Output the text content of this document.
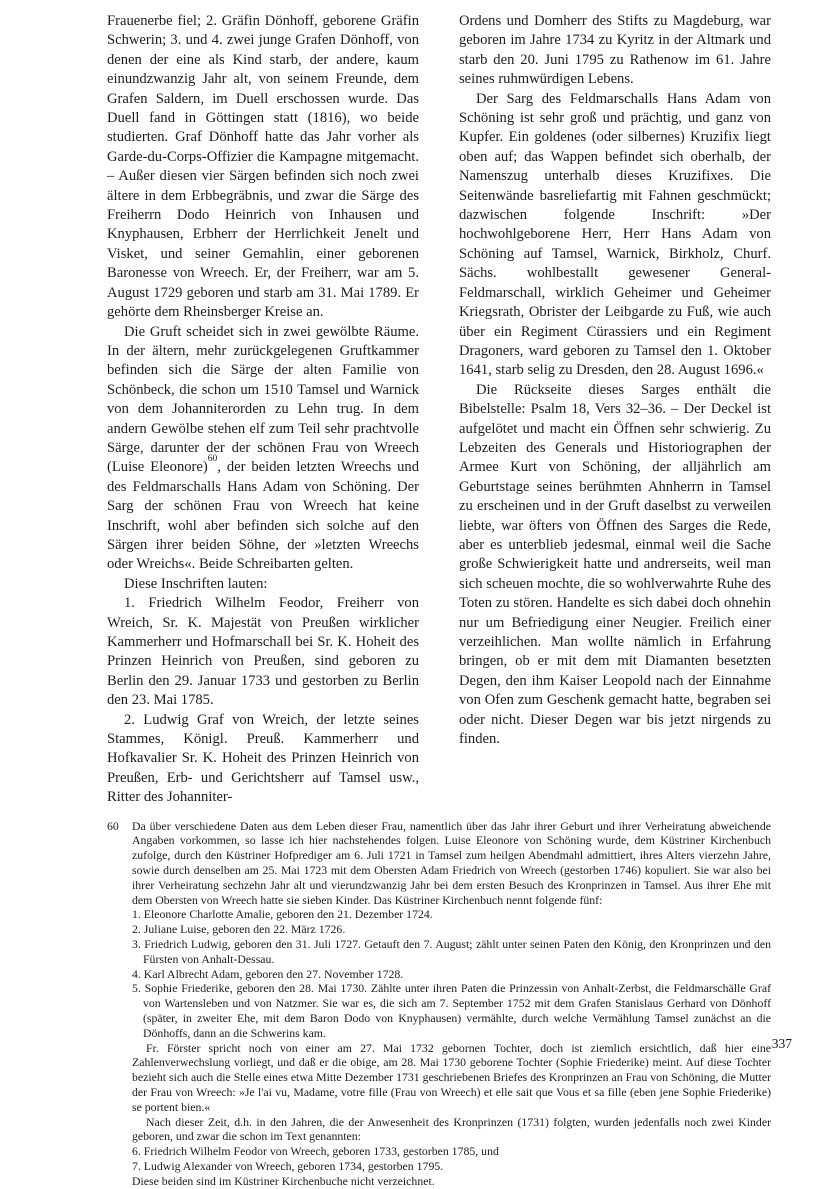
Frauenerbe fiel; 2. Gräfin Dönhoff, geborene Gräfin Schwerin; 3. und 4. zwei junge Grafen Dönhoff, von denen der eine als Kind starb, der andere, kaum einundzwanzig Jahr alt, von seinem Freunde, dem Grafen Saldern, im Duell erschossen wurde. Das Duell fand in Göttingen statt (1816), wo beide studierten. Graf Dönhoff hatte das Jahr vorher als Garde-du-Corps-Offizier die Kampagne mitgemacht. – Außer diesen vier Särgen befinden sich noch zwei ältere in dem Erbbegräbnis, und zwar die Särge des Freiherrn Dodo Heinrich von Inhausen und Knyphausen, Erbherr der Herrlichkeit Jenelt und Visket, und seiner Gemahlin, einer geborenen Baronesse von Wreech. Er, der Freiherr, war am 5. August 1729 geboren und starb am 31. Mai 1789. Er gehörte dem Rheinsberger Kreise an.

Die Gruft scheidet sich in zwei gewölbte Räume. In der ältern, mehr zurückgelegenen Gruftkammer befinden sich die Särge der alten Familie von Schönbeck, die schon um 1510 Tamsel und Warnick von dem Johanniterorden zu Lehn trug. In dem andern Gewölbe stehen elf zum Teil sehr prachtvolle Särge, darunter der der schönen Frau von Wreech (Luise Eleonore)$^{60}$, der beiden letzten Wreechs und des Feldmarschalls Hans Adam von Schöning. Der Sarg der schönen Frau von Wreech hat keine Inschrift, wohl aber befinden sich solche auf den Särgen ihrer beiden Söhne, der »letzten Wreechs oder Wreichs«. Beide Schreibarten gelten.

Diese Inschriften lauten:

1. Friedrich Wilhelm Feodor, Freiherr von Wreich, Sr. K. Majestät von Preußen wirklicher Kammerherr und Hofmarschall bei Sr. K. Hoheit des Prinzen Heinrich von Preußen, sind geboren zu Berlin den 29. Januar 1733 und gestorben zu Berlin den 23. Mai 1785.

2. Ludwig Graf von Wreich, der letzte seines Stammes, Königl. Preuß. Kammerherr und Hofkavalier Sr. K. Hoheit des Prinzen Heinrich von Preußen, Erb- und Gerichtsherr auf Tamsel usw., Ritter des Johanniter-

Ordens und Domherr des Stifts zu Magdeburg, war geboren im Jahre 1734 zu Kyritz in der Altmark und starb den 20. Juni 1795 zu Rathenow im 61. Jahre seines ruhmwürdigen Lebens.

Der Sarg des Feldmarschalls Hans Adam von Schöning ist sehr groß und prächtig, und ganz von Kupfer. Ein goldenes (oder silbernes) Kruzifix liegt oben auf; das Wappen befindet sich oberhalb, der Namenszug unterhalb dieses Kruzifixes. Die Seitenwände basreliefartig mit Fahnen geschmückt; dazwischen folgende Inschrift: »Der hochwohlgeborene Herr, Herr Hans Adam von Schöning auf Tamsel, Warnick, Birkholz, Churf. Sächs. wohlbestallt gewesener General-Feldmarschall, wirklich Geheimer und Geheimer Kriegsrath, Obrister der Leibgarde zu Fuß, wie auch über ein Regiment Cürassiers und ein Regiment Dragoners, ward geboren zu Tamsel den 1. Oktober 1641, starb selig zu Dresden, den 28. August 1696.«

Die Rückseite dieses Sarges enthält die Bibelstelle: Psalm 18, Vers 32–36. – Der Deckel ist aufgelötet und macht ein Öffnen sehr schwierig. Zu Lebzeiten des Generals und Historiographen der Armee Kurt von Schöning, der alljährlich am Geburtstage seines berühmten Ahnherrn in Tamsel zu erscheinen und in der Gruft daselbst zu verweilen liebte, war öfters von Öffnen des Sarges die Rede, aber es unterblieb jedesmal, einmal weil die Sache große Schwierigkeit hatte und andrerseits, weil man sich scheuen mochte, die so wohlverwahrte Ruhe des Toten zu stören. Handelte es sich dabei doch ohnehin nur um Befriedigung einer Neugier. Freilich einer verzeihlichen. Man wollte nämlich in Erfahrung bringen, ob er mit dem mit Diamanten besetzten Degen, den ihm Kaiser Leopold nach der Einnahme von Ofen zum Geschenk gemacht hatte, begraben sei oder nicht. Dieser Degen war bis jetzt nirgends zu finden.

60 Da über verschiedene Daten aus dem Leben dieser Frau, namentlich über das Jahr ihrer Geburt und ihrer Verheiratung abweichende Angaben vorkommen, so lasse ich hier nachstehendes folgen. Luise Eleonore von Schöning wurde, dem Küstriner Kirchenbuch zufolge, durch den Küstriner Hofprediger am 6. Juli 1721 in Tamsel zum heilgen Abendmahl admittiert, ihres Alters vierzehn Jahre, sowie durch denselben am 25. Mai 1723 mit dem Obersten Adam Friedrich von Wreech (gestorben 1746) kopuliert. Sie war also bei ihrer Verheiratung sechzehn Jahr alt und vierundzwanzig Jahr bei dem ersten Besuch des Kronprinzen in Tamsel. Aus ihrer Ehe mit dem Obersten von Wreech hatte sie sieben Kinder. Das Küstriner Kirchenbuch nennt folgende fünf:

1. Eleonore Charlotte Amalie, geboren den 21. Dezember 1724.
2. Juliane Luise, geboren den 22. März 1726.
3. Friedrich Ludwig, geboren den 31. Juli 1727. Getauft den 7. August; zählt unter seinen Paten den König, den Kronprinzen und den Fürsten von Anhalt-Dessau.
4. Karl Albrecht Adam, geboren den 27. November 1728.
5. Sophie Friederike, geboren den 28. Mai 1730. Zählte unter ihren Paten die Prinzessin von Anhalt-Zerbst, die Feldmarschälle Graf von Wartensleben und von Natzmer. Sie war es, die sich am 7. September 1752 mit dem Grafen Stanislaus Gerhard von Dönhoff (später, in zweiter Ehe, mit dem Baron Dodo von Knyphausen) vermählte, durch welche Vermählung Tamsel zunächst an die Dönhoffs, dann an die Schwerins kam.

Fr. Förster spricht noch von einer am 27. Mai 1732 gebornen Tochter, doch ist ziemlich ersichtlich, daß hier eine Zahlenverwechslung vorliegt, und daß er die obige, am 28. Mai 1730 geborene Tochter (Sophie Friederike) meint. Auf diese Tochter bezieht sich auch die Stelle eines etwa Mitte Dezember 1731 geschriebenen Briefes des Kronprinzen an Frau von Schöning, die Mutter der Frau von Wreech: »Je l'ai vu, Madame, votre fille (Frau von Wreech) et elle sait que Vous et sa fille (eben jene Sophie Friederike) se portent bien.«

Nach dieser Zeit, d.h. in den Jahren, die der Anwesenheit des Kronprinzen (1731) folgten, wurden jedenfalls noch zwei Kinder geboren, und zwar die schon im Text genannten:

6. Friedrich Wilhelm Feodor von Wreech, geboren 1733, gestorben 1785, und
7. Ludwig Alexander von Wreech, geboren 1734, gestorben 1795.

Diese beiden sind im Küstriner Kirchenbuche nicht verzeichnet.

337
